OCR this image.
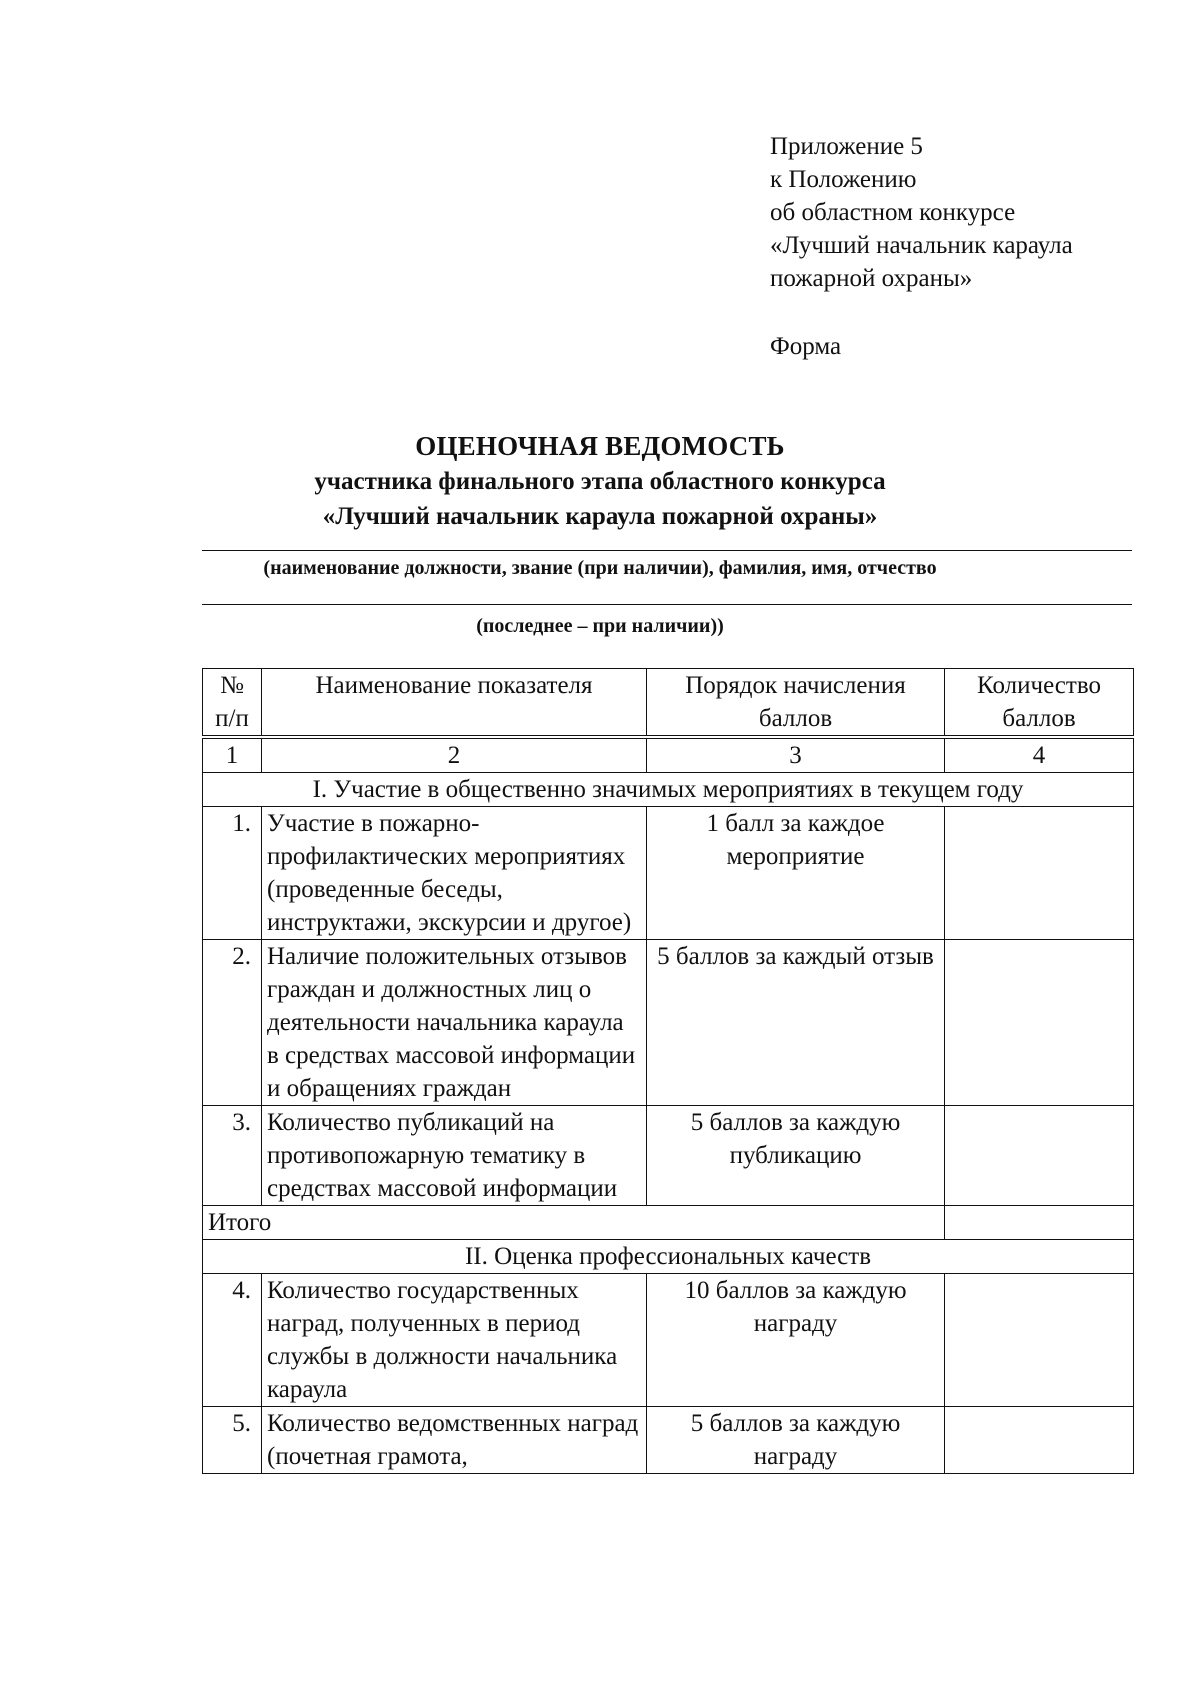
Приложение 5
к Положению
об областном конкурсе
«Лучший начальник караула
пожарной охраны»
Форма
ОЦЕНОЧНАЯ ВЕДОМОСТЬ
участника финального этапа областного конкурса
«Лучший начальник караула пожарной охраны»
(наименование должности, звание (при наличии), фамилия, имя, отчество
(последнее – при наличии))
№ п/п	Наименование показателя	Порядок начисления баллов	Количество баллов
1	2	3	4
I. Участие в общественно значимых мероприятиях в текущем году			
1.	Участие в пожарно-профилактических мероприятиях (проведенные беседы, инструктажи, экскурсии и другое)	1 балл за каждое мероприятие	
2.	Наличие положительных отзывов граждан и должностных лиц о деятельности начальника караула в средствах массовой информации и обращениях граждан	5 баллов за каждый отзыв	
3.	Количество публикаций на противопожарную тематику в средствах массовой информации	5 баллов за каждую публикацию	
Итого			
II. Оценка профессиональных качеств			
4.	Количество государственных наград, полученных в период службы в должности начальника караула	10 баллов за каждую награду	
5.	Количество ведомственных наград (почетная грамота,	5 баллов за каждую награду	
